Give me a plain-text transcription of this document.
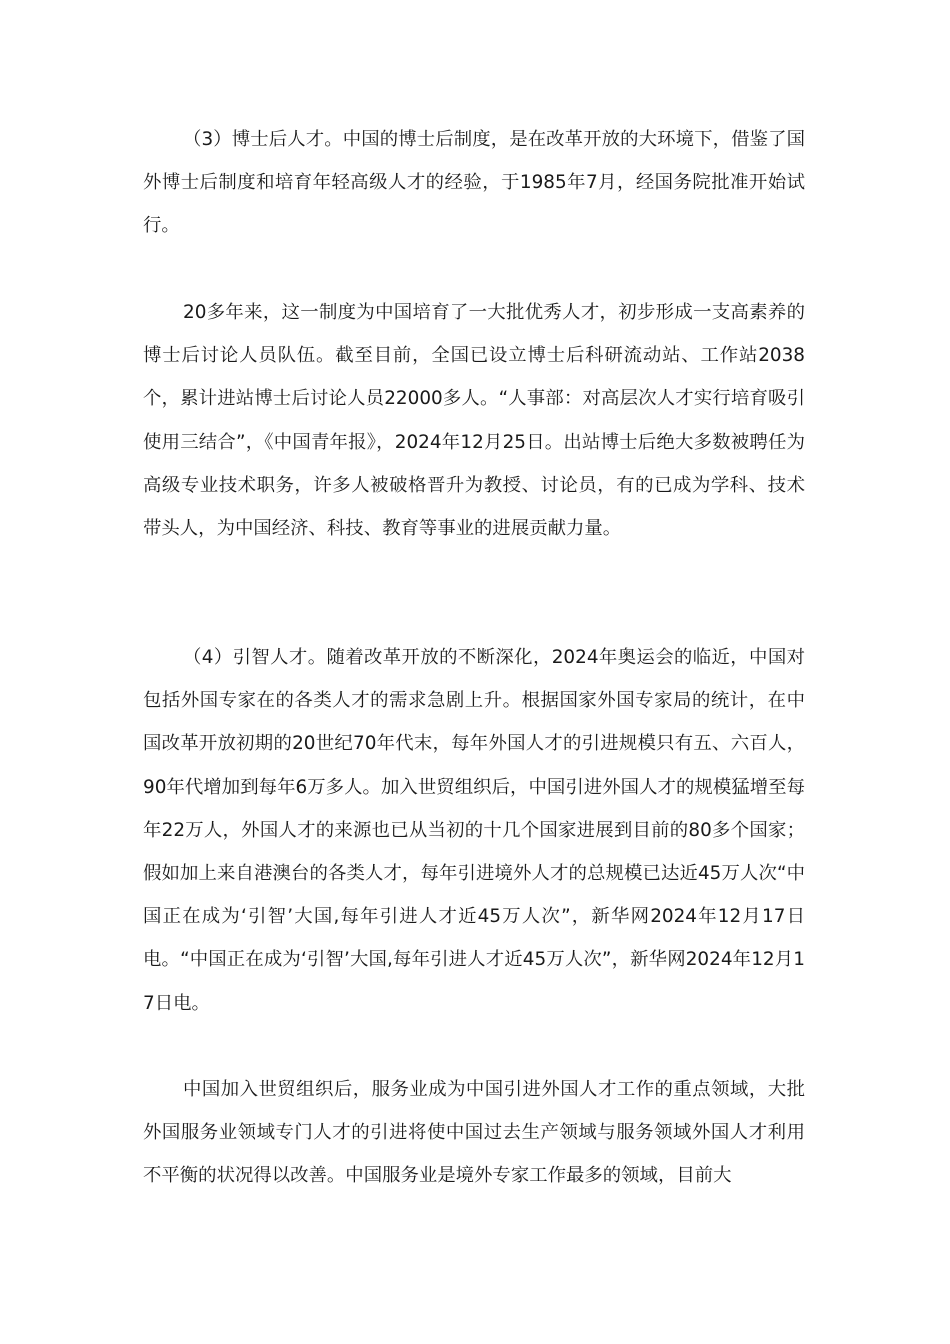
（3）博士后人才。中国的博士后制度，是在改革开放的大环境下，借鉴了国外博士后制度和培育年轻高级人才的经验，于1985年7月，经国务院批准开始试行。

20多年来，这一制度为中国培育了一大批优秀人才，初步形成一支高素养的博士后讨论人员队伍。截至目前，全国已设立博士后科研流动站、工作站2038个，累计进站博士后讨论人员22000多人。“人事部：对高层次人才实行培育吸引使用三结合”，《中国青年报》，2024年12月25日。出站博士后绝大多数被聘任为高级专业技术职务，许多人被破格晋升为教授、讨论员，有的已成为学科、技术带头人，为中国经济、科技、教育等事业的进展贡献力量。

（4）引智人才。随着改革开放的不断深化，2024年奥运会的临近，中国对包括外国专家在的各类人才的需求急剧上升。根据国家外国专家局的统计，在中国改革开放初期的20世纪70年代末，每年外国人才的引进规模只有五、六百人，90年代增加到每年6万多人。加入世贸组织后，中国引进外国人才的规模猛增至每年22万人，外国人才的来源也已从当初的十几个国家进展到目前的80多个国家；假如加上来自港澳台的各类人才，每年引进境外人才的总规模已达近45万人次“中国正在成为‘引智’大国,每年引进人才近45万人次”，新华网2024年12月17日电。“中国正在成为‘引智’大国,每年引进人才近45万人次”，新华网2024年12月17日电。

中国加入世贸组织后，服务业成为中国引进外国人才工作的重点领域，大批外国服务业领域专门人才的引进将使中国过去生产领域与服务领域外国人才利用不平衡的状况得以改善。中国服务业是境外专家工作最多的领域，目前大
